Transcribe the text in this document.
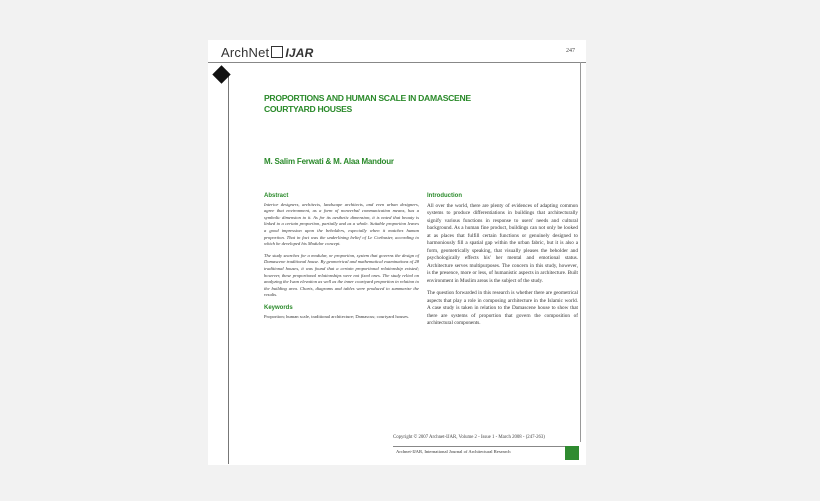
ArchNet IJAR	247
PROPORTIONS AND HUMAN SCALE IN DAMASCENE COURTYARD HOUSES
M. Salim Ferwati & M. Alaa Mandour
Abstract

Interior designers, architects, landscape architects, and even urban designers, agree that environment, as a form of nonverbal communication means, has a symbolic dimension to it. As for its aesthetic dimension, it is noted that beauty is linked to a certain proportion, partially and as a whole. Suitable proportion leaves a good impression upon the beholders, especially when it matches human proportion. That in fact was the underlining belief of Le Corbusier, according to which he developed his Modulor concept.

The study searches for a modular, or proportion, system that governs the design of Damascene traditional house. By geometrical and mathematical examinations of 28 traditional houses, it was found that a certain proportional relationship existed; however, these proportional relationships were not fixed ones. The study relied on analyzing the Iwan elevation as well as the inner courtyard proportion in relation to the building area. Charts, diagrams and tables were produced to summarize the results.

Keywords
Proportion; human scale, traditional architecture; Damascus; courtyard houses.
Introduction

All over the world, there are plenty of evidences of adapting common systems to produce differentiations in buildings that architecturally signify various functions in response to users' needs and cultural background. As a human fine product, buildings can not only be looked at as places that fulfill certain functions or genuinely designed to harmoniously fill a spatial gap within the urban fabric, but it is also a form, geometrically speaking, that visually pleases the beholder and psychologically effects his' her mental and emotional status. Architecture serves multipurposes. The concern in this study, however, is the presence, more or less, of humanistic aspects in architecture. Built environment in Muslim areas is the subject of the study.

The question forwarded in this research is whether there are geometrical aspects that play a role in composing architecture in the Islamic world. A case study is taken in relation to the Damascene house to show that there are systems of proportion that govern the composition of architectural components.

Copyright © 2007 Archnet-IJAR, Volume 2 - Issue 1 - March 2008 - (247-263)
Archnet-IJAR, International Journal of Architectural Research
